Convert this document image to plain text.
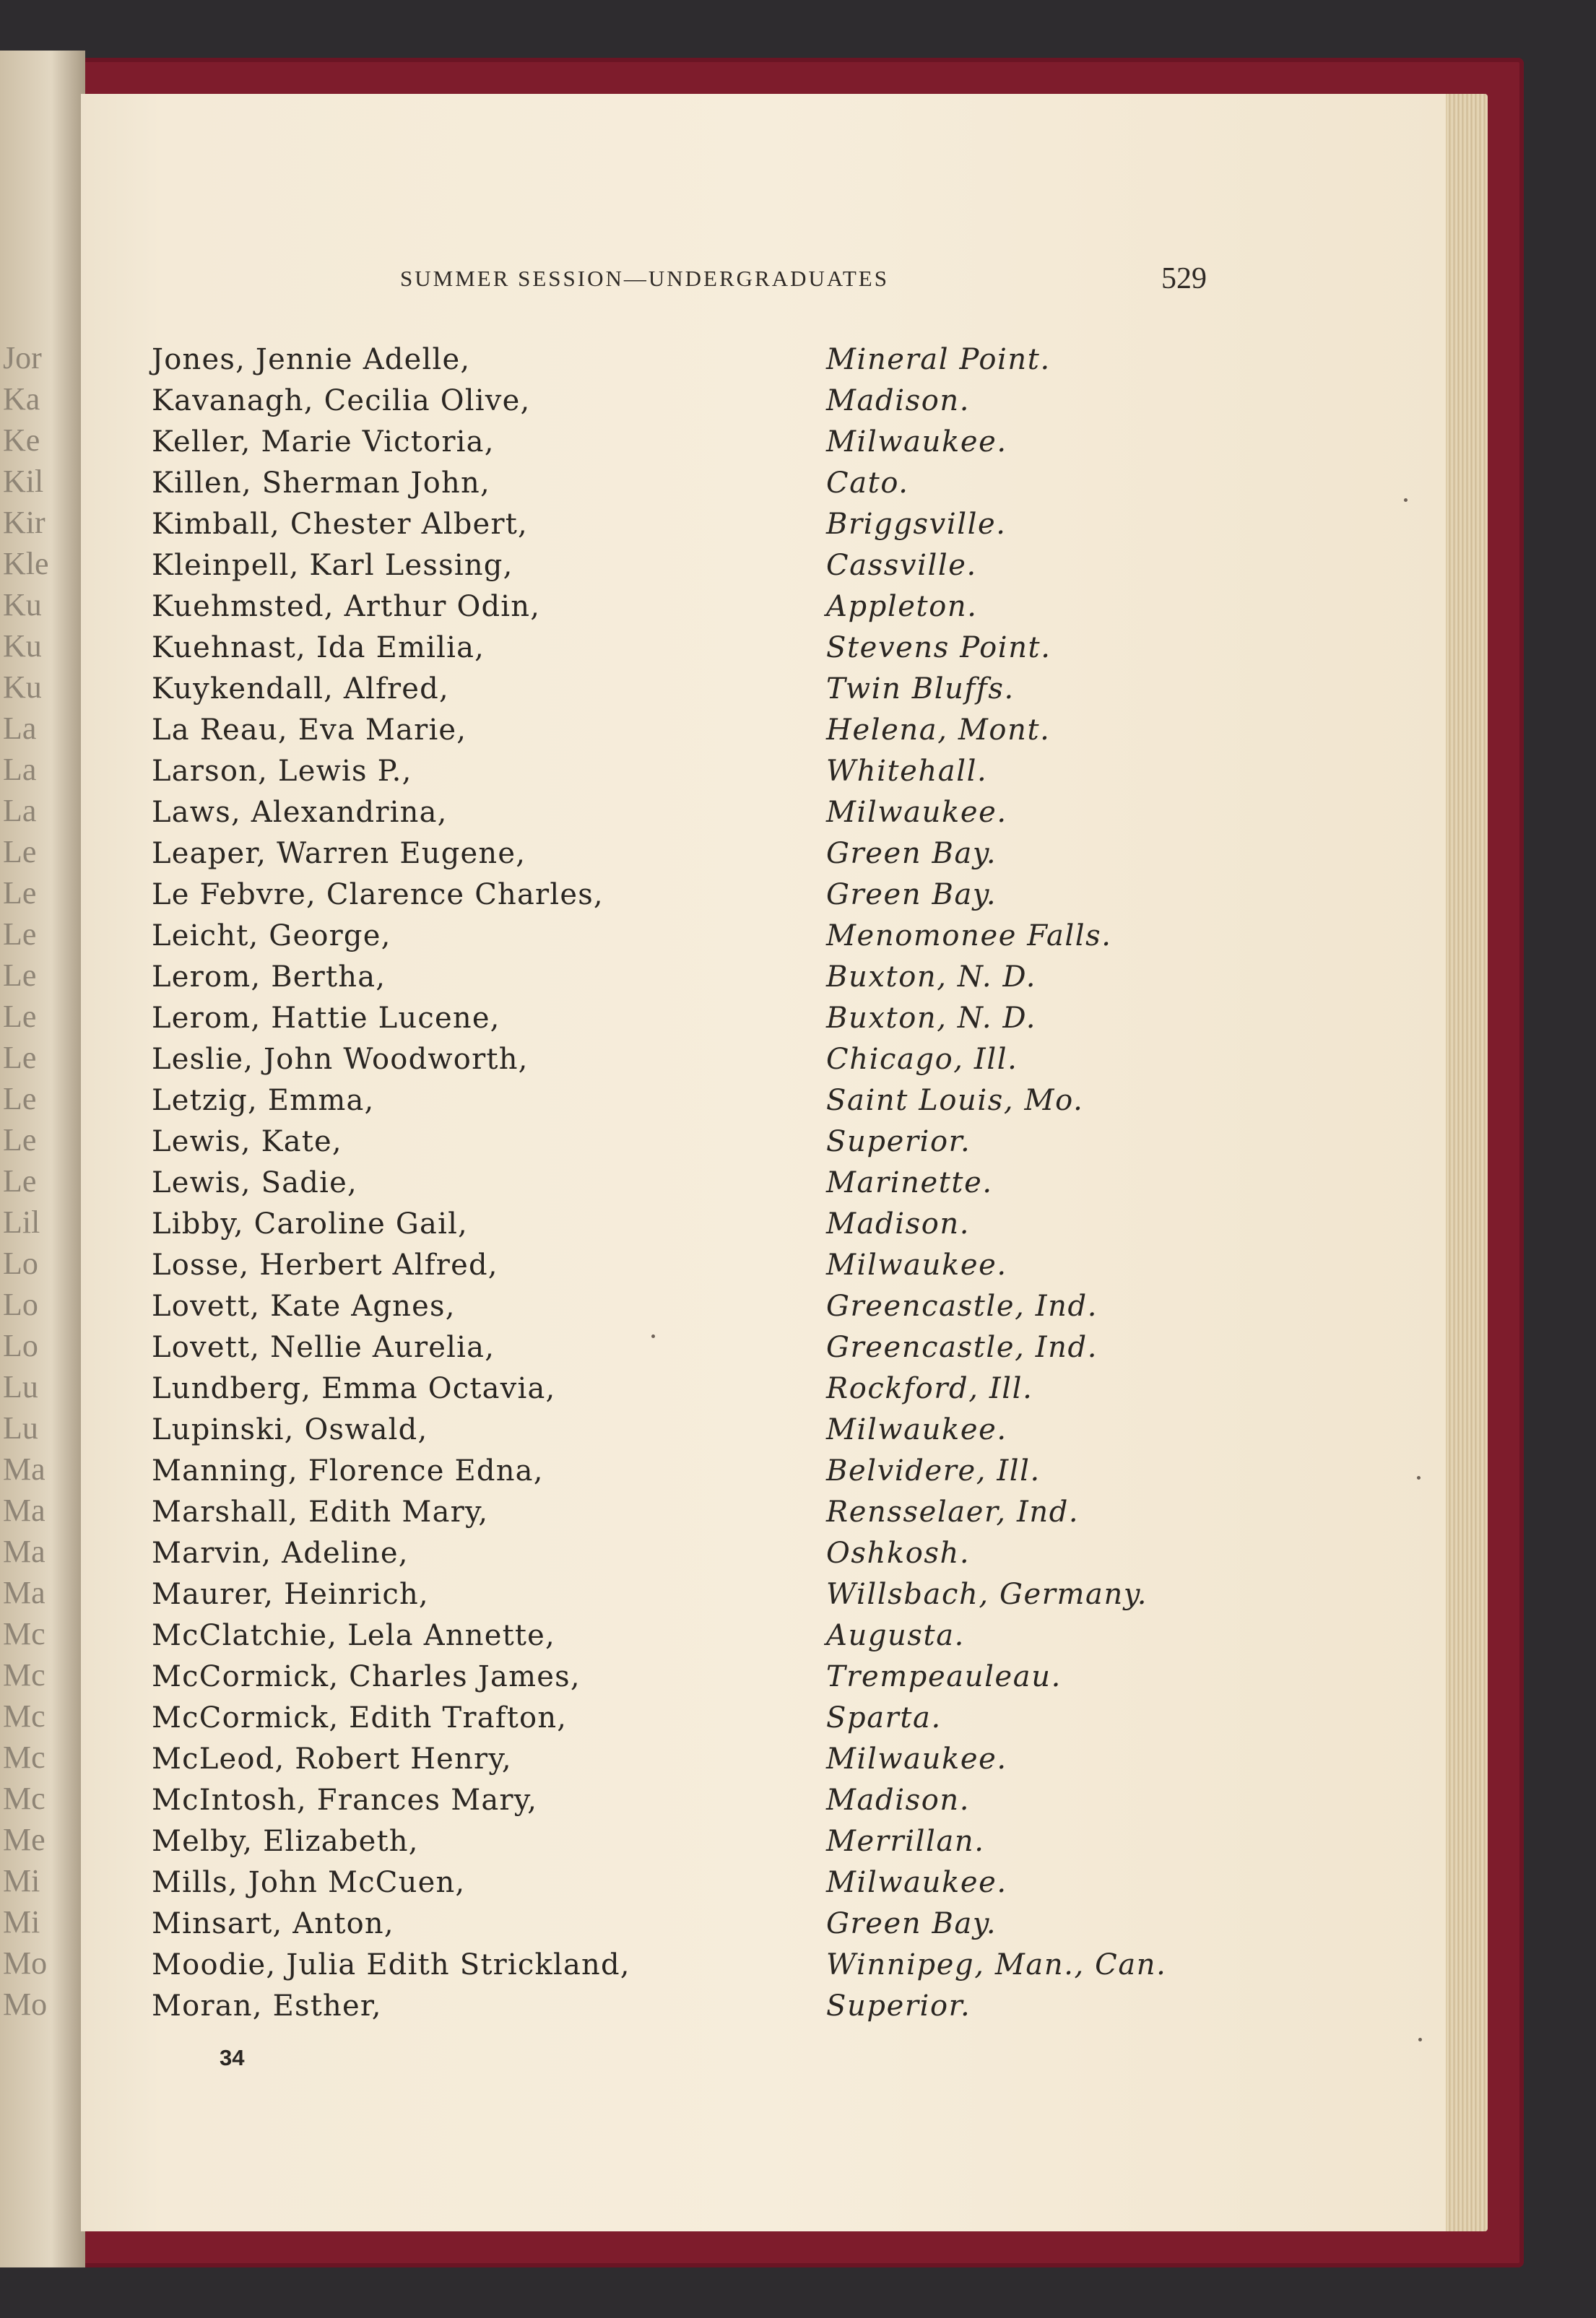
Jor
Ka
Ke
Kil
Kir
Kle
Ku
Ku
Ku
La
La
La
Le
Le
Le
Le
Le
Le
Le
Le
Le
Lil
Lo
Lo
Lo
Lu
Lu
Ma
Ma
Ma
Ma
Mc
Mc
Mc
Mc
Mc
Me
Mi
Mi
Mo
Mo
SUMMER SESSION—UNDERGRADUATES	529
Jones, Jennie Adelle,	Mineral Point.
Kavanagh, Cecilia Olive,	Madison.
Keller, Marie Victoria,	Milwaukee.
Killen, Sherman John,	Cato.
Kimball, Chester Albert,	Briggsville.
Kleinpell, Karl Lessing,	Cassville.
Kuehmsted, Arthur Odin,	Appleton.
Kuehnast, Ida Emilia,	Stevens Point.
Kuykendall, Alfred,	Twin Bluffs.
La Reau, Eva Marie,	Helena, Mont.
Larson, Lewis P.,	Whitehall.
Laws, Alexandrina,	Milwaukee.
Leaper, Warren Eugene,	Green Bay.
Le Febvre, Clarence Charles,	Green Bay.
Leicht, George,	Menomonee Falls.
Lerom, Bertha,	Buxton, N. D.
Lerom, Hattie Lucene,	Buxton, N. D.
Leslie, John Woodworth,	Chicago, Ill.
Letzig, Emma,	Saint Louis, Mo.
Lewis, Kate,	Superior.
Lewis, Sadie,	Marinette.
Libby, Caroline Gail,	Madison.
Losse, Herbert Alfred,	Milwaukee.
Lovett, Kate Agnes,	Greencastle, Ind.
Lovett, Nellie Aurelia,	Greencastle, Ind.
Lundberg, Emma Octavia,	Rockford, Ill.
Lupinski, Oswald,	Milwaukee.
Manning, Florence Edna,	Belvidere, Ill.
Marshall, Edith Mary,	Rensselaer, Ind.
Marvin, Adeline,	Oshkosh.
Maurer, Heinrich,	Willsbach, Germany.
McClatchie, Lela Annette,	Augusta.
McCormick, Charles James,	Trempeauleau.
McCormick, Edith Trafton,	Sparta.
McLeod, Robert Henry,	Milwaukee.
McIntosh, Frances Mary,	Madison.
Melby, Elizabeth,	Merrillan.
Mills, John McCuen,	Milwaukee.
Minsart, Anton,	Green Bay.
Moodie, Julia Edith Strickland,	Winnipeg, Man., Can.
Moran, Esther,	Superior.
34
